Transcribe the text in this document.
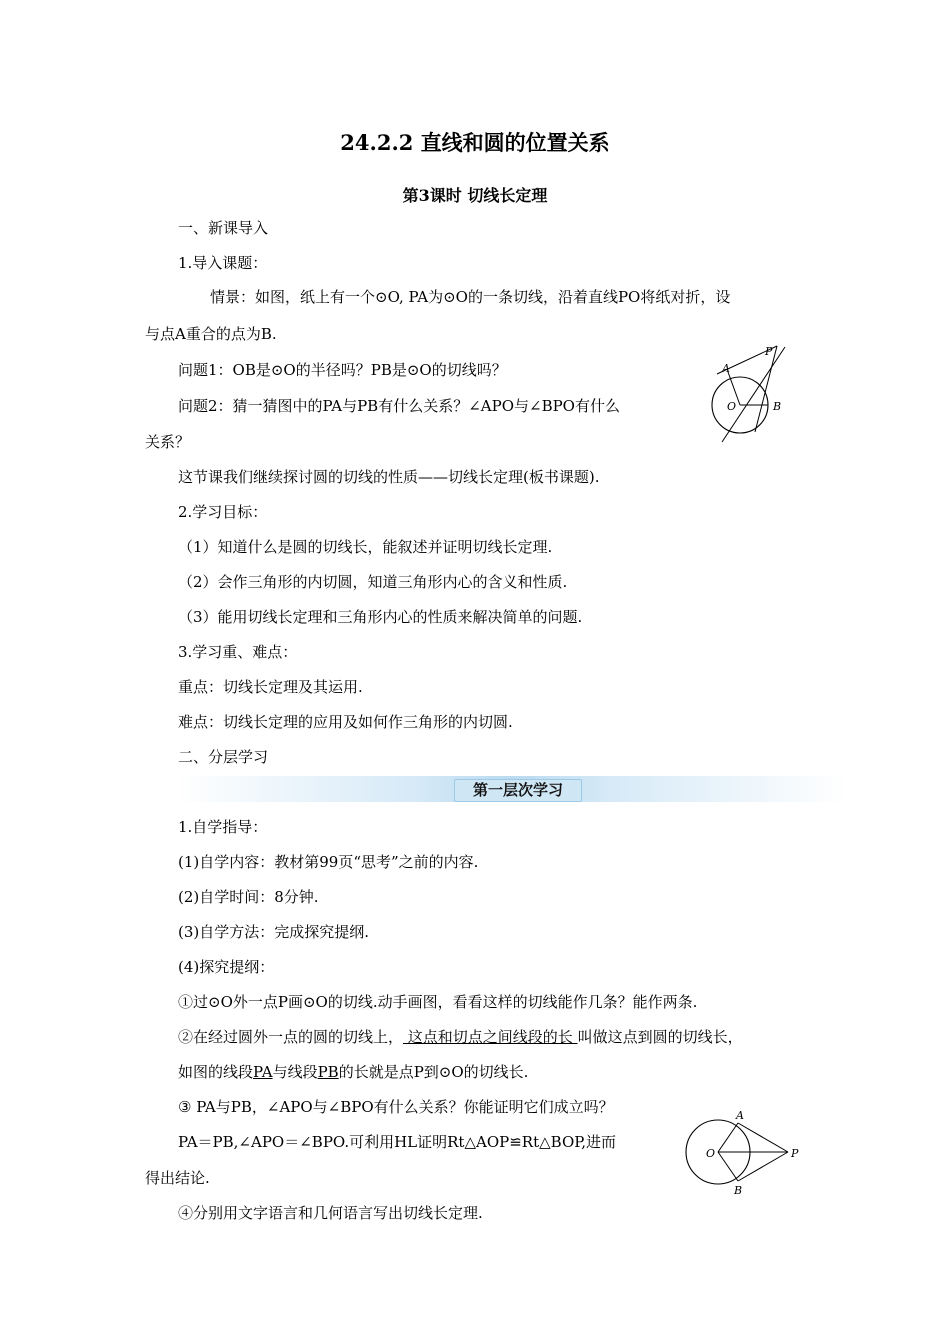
24.2.2 直线和圆的位置关系
第3课时 切线长定理
一、新课导入
1.导入课题：
情景：如图，纸上有一个⊙O, PA为⊙O的一条切线，沿着直线PO将纸对折，设
与点A重合的点为B.
问题1：OB是⊙O的半径吗？PB是⊙O的切线吗？
问题2：猜一猜图中的PA与PB有什么关系？∠APO与∠BPO有什么
关系？
这节课我们继续探讨圆的切线的性质——切线长定理(板书课题).
2.学习目标：
（1）知道什么是圆的切线长，能叙述并证明切线长定理.
（2）会作三角形的内切圆，知道三角形内心的含义和性质.
（3）能用切线长定理和三角形内心的性质来解决简单的问题.
3.学习重、难点：
重点：切线长定理及其运用.
难点：切线长定理的应用及如何作三角形的内切圆.
二、分层学习
第一层次学习
1.自学指导：
(1)自学内容：教材第99页“思考”之前的内容.
(2)自学时间：8分钟.
(3)自学方法：完成探究提纲.
(4)探究提纲：
①过⊙O外一点P画⊙O的切线.动手画图，看看这样的切线能作几条？能作两条.
②在经过圆外一点的圆的切线上， 这点和切点之间线段的长 叫做这点到圆的切线长，
如图的线段PA与线段PB的长就是点P到⊙O的切线长.
③ PA与PB，∠APO与∠BPO有什么关系？你能证明它们成立吗？
PA＝PB,∠APO＝∠BPO.可利用HL证明Rt△AOP≌Rt△BOP,进而
得出结论.
④分别用文字语言和几何语言写出切线长定理.
P
A
O	B
A
O	P
B
